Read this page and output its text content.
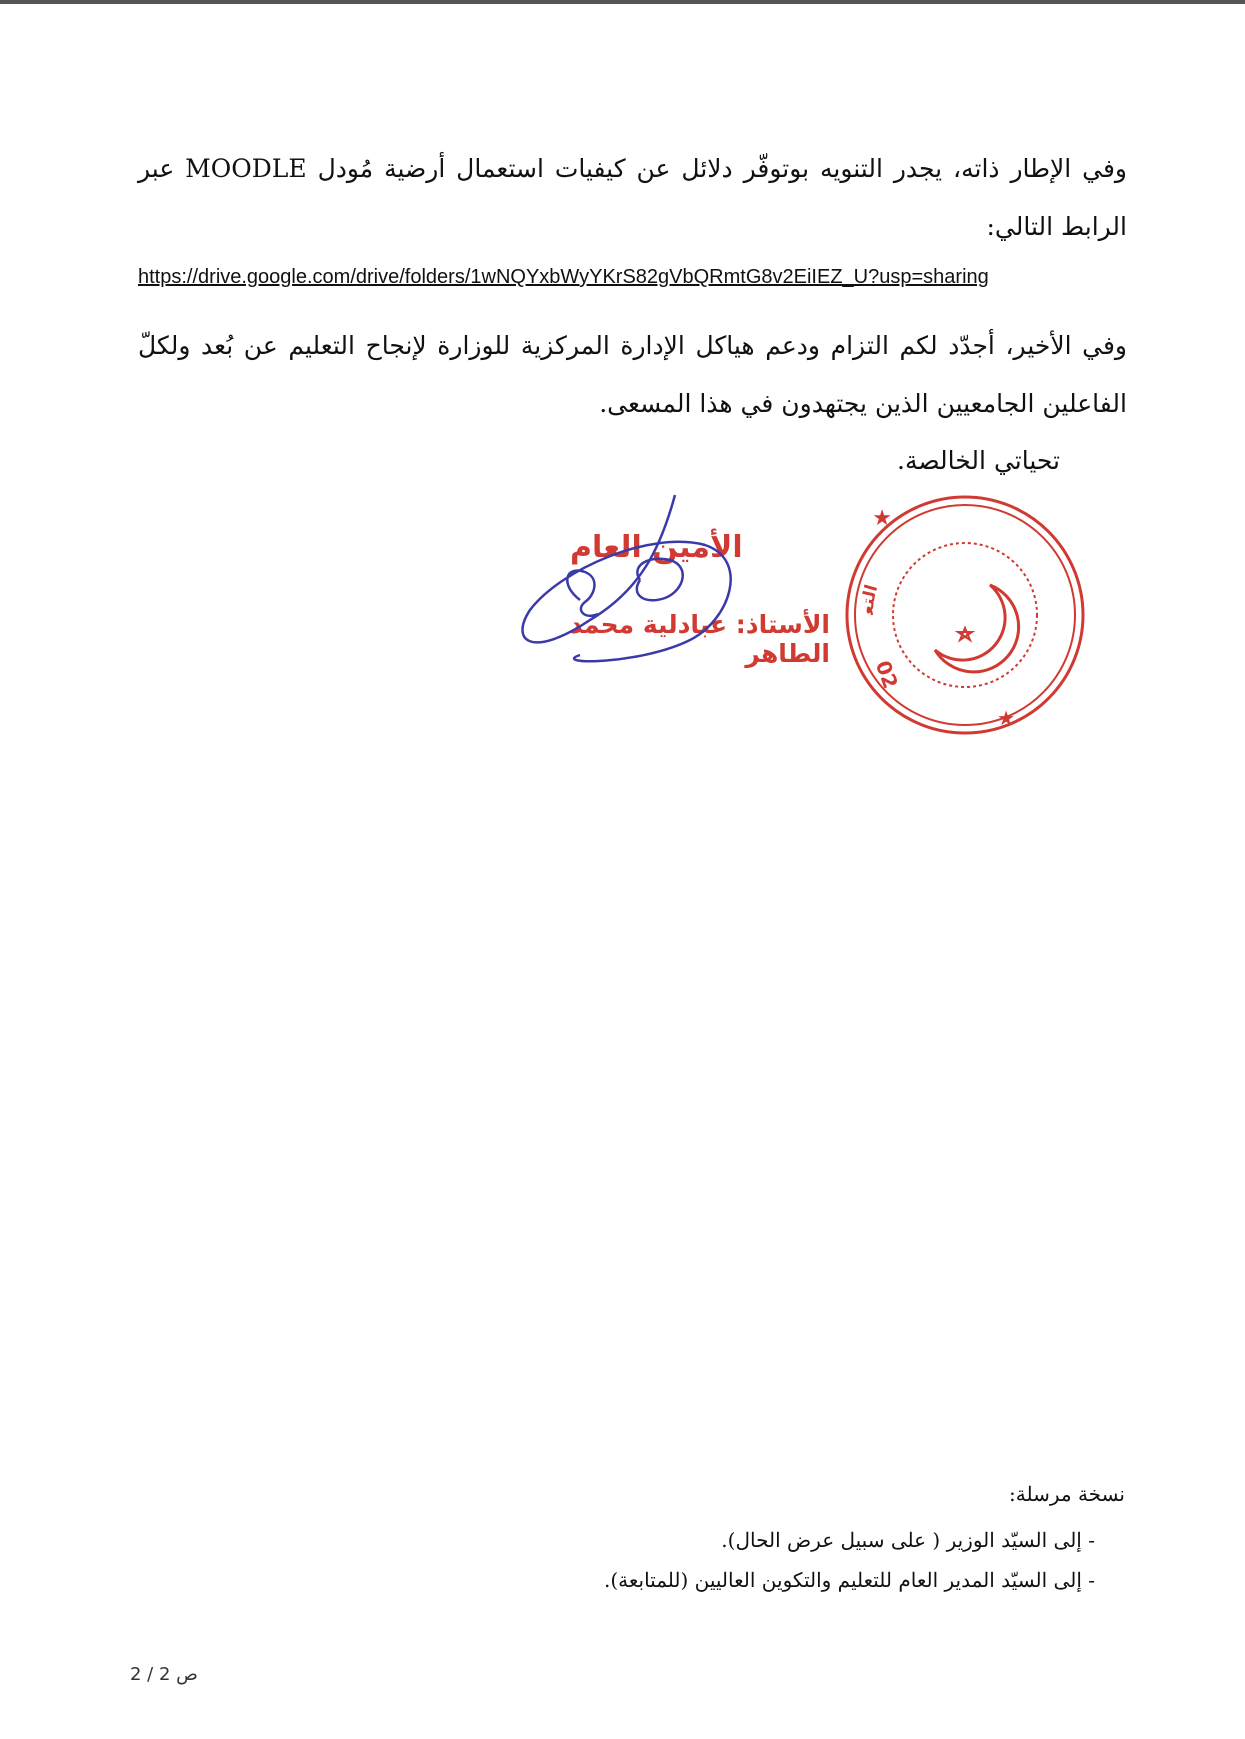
وفي الإطار ذاته، يجدر التنويه بوتوفّر دلائل عن كيفيات استعمال أرضية مُودل MOODLE عبر الرابط التالي:

https://drive.google.com/drive/folders/1wNQYxbWyYKrS82gVbQRmtG8v2EiIEZ_U?usp=sharing

وفي الأخير، أجدّد لكم التزام ودعم هياكل الإدارة المركزية للوزارة لإنجاح التعليم عن بُعد ولكلّ الفاعلين الجامعيين الذين يجتهدون في هذا المسعى.

تحياتي الخالصة.
التع
★
★
02
الأمين العام
الأستاذ: عبادلية محمد الطاهر
نسخة مرسلة:
- إلى السيّد الوزير ( على سبيل عرض الحال).
- إلى السيّد المدير العام للتعليم والتكوين العاليين (للمتابعة).
ص 2 / 2
